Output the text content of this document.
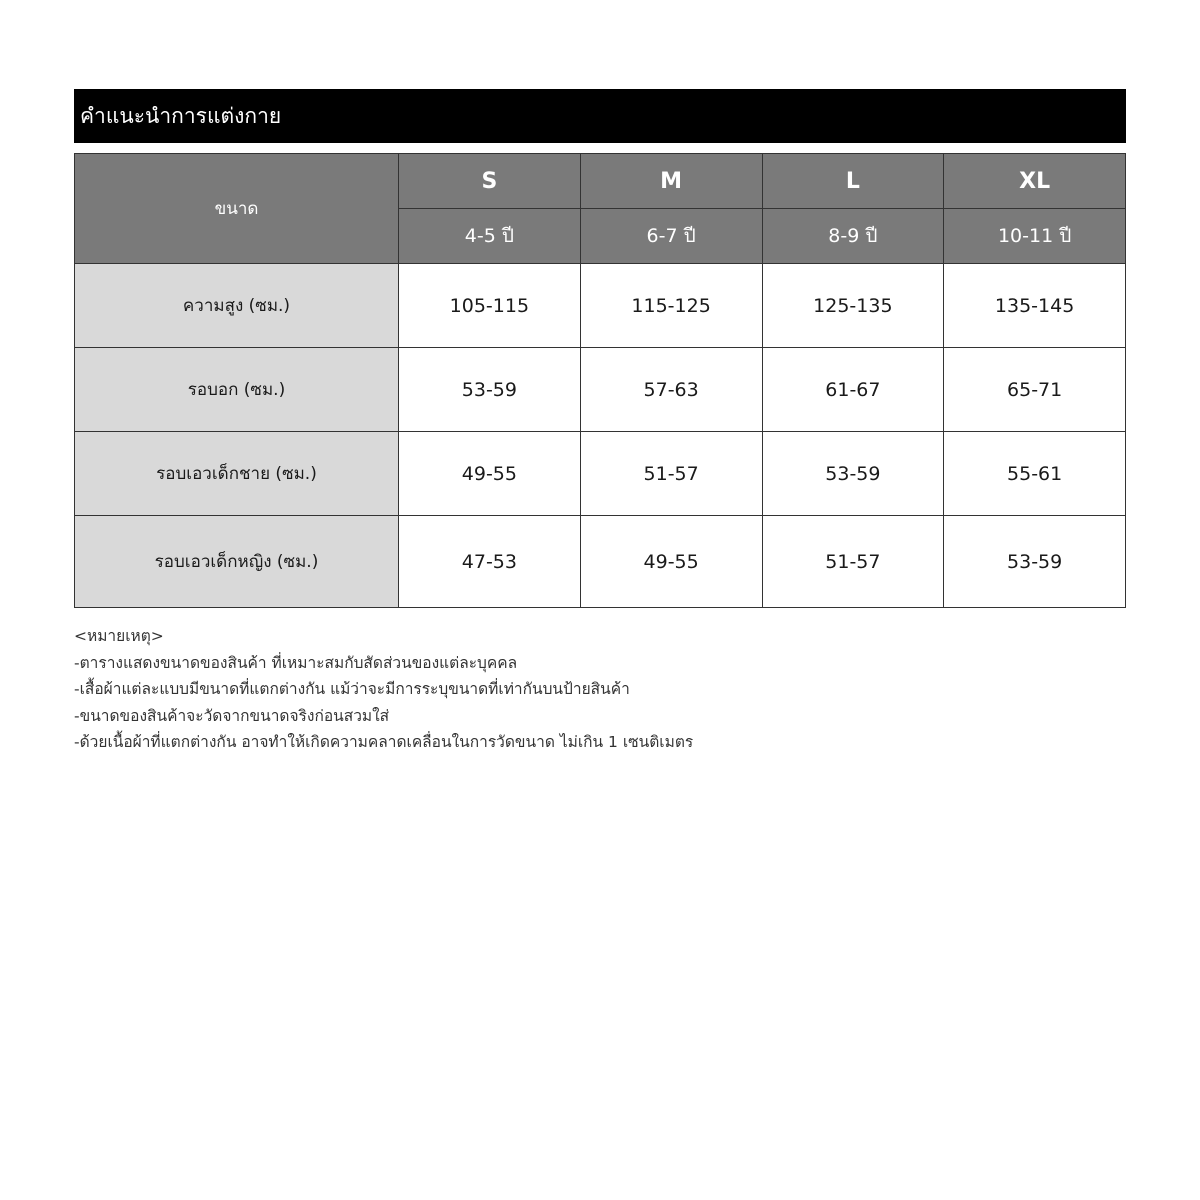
คำแนะนำการแต่งกาย
ขนาด	S	M	L	XL
	4-5 ปี	6-7 ปี	8-9 ปี	10-11 ปี
ความสูง (ซม.)	105-115	115-125	125-135	135-145
รอบอก (ซม.)	53-59	57-63	61-67	65-71
รอบเอวเด็กชาย (ซม.)	49-55	51-57	53-59	55-61
รอบเอวเด็กหญิง (ซม.)	47-53	49-55	51-57	53-59
<หมายเหตุ>
-ตารางแสดงขนาดของสินค้า ที่เหมาะสมกับสัดส่วนของแต่ละบุคคล
-เสื้อผ้าแต่ละแบบมีขนาดที่แตกต่างกัน แม้ว่าจะมีการระบุขนาดที่เท่ากันบนป้ายสินค้า
-ขนาดของสินค้าจะวัดจากขนาดจริงก่อนสวมใส่
-ด้วยเนื้อผ้าที่แตกต่างกัน อาจทำให้เกิดความคลาดเคลื่อนในการวัดขนาด ไม่เกิน 1 เซนติเมตร
